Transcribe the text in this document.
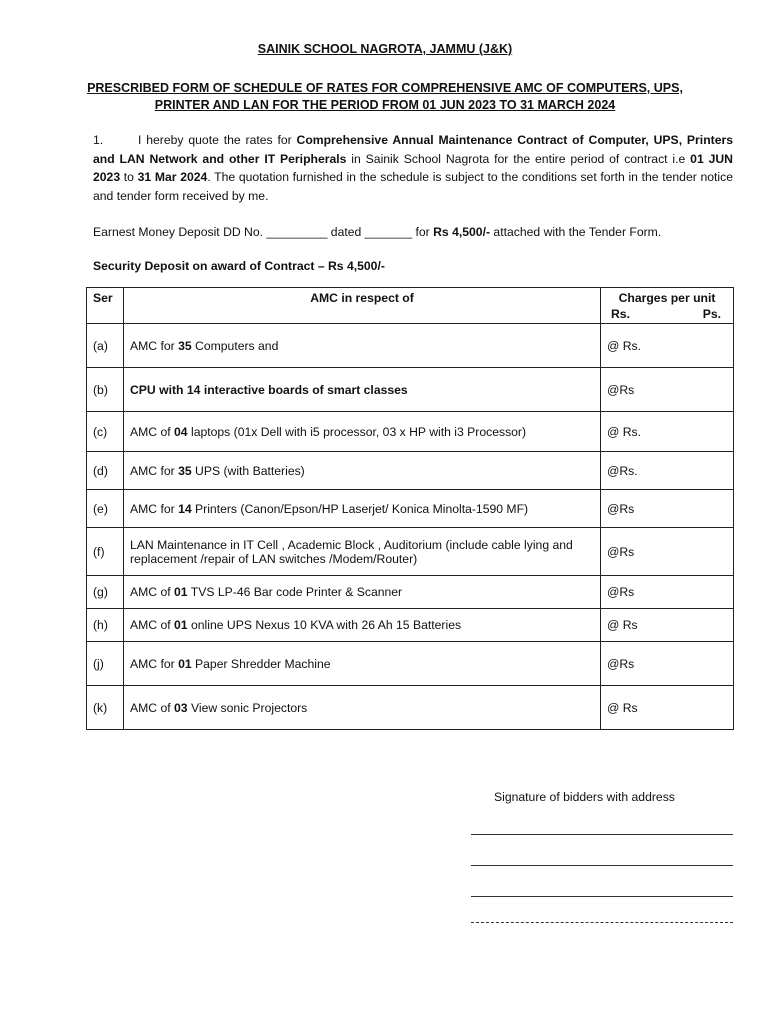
SAINIK SCHOOL NAGROTA, JAMMU (J&K)
PRESCRIBED FORM OF SCHEDULE OF RATES FOR COMPREHENSIVE AMC OF COMPUTERS, UPS,
PRINTER AND LAN FOR THE PERIOD FROM 01 JUN 2023 TO 31 MARCH 2024
1.	I hereby quote the rates for Comprehensive Annual Maintenance Contract of Computer, UPS, Printers and LAN Network and other IT Peripherals in Sainik School Nagrota for the entire period of contract i.e 01 JUN 2023 to 31 Mar 2024. The quotation furnished in the schedule is subject to the conditions set forth in the tender notice and tender form received by me.
Earnest Money Deposit DD No. _________ dated _______ for Rs 4,500/- attached with the Tender Form.
Security Deposit on award of Contract – Rs 4,500/-
Ser	AMC in respect of	Charges per unit
Rs. Ps.

(a)	AMC for 35 Computers and	@ Rs.
(b)	CPU with 14 interactive boards of smart classes	@Rs
(c)	AMC of 04 laptops (01x Dell with i5 processor, 03 x HP with i3 Processor)	@ Rs.
(d)	AMC for 35 UPS (with Batteries)	@Rs.
(e)	AMC for 14 Printers (Canon/Epson/HP Laserjet/ Konica Minolta-1590 MF)	@Rs
(f)	LAN Maintenance in IT Cell , Academic Block , Auditorium (include cable lying and replacement /repair of LAN switches /Modem/Router)	@Rs
(g)	AMC of 01 TVS LP-46 Bar code Printer & Scanner	@Rs
(h)	AMC of 01 online UPS Nexus 10 KVA with 26 Ah 15 Batteries	@ Rs
(j)	AMC for 01 Paper Shredder Machine	@Rs
(k)	AMC of 03 View sonic Projectors	@ Rs
Signature of bidders with address
